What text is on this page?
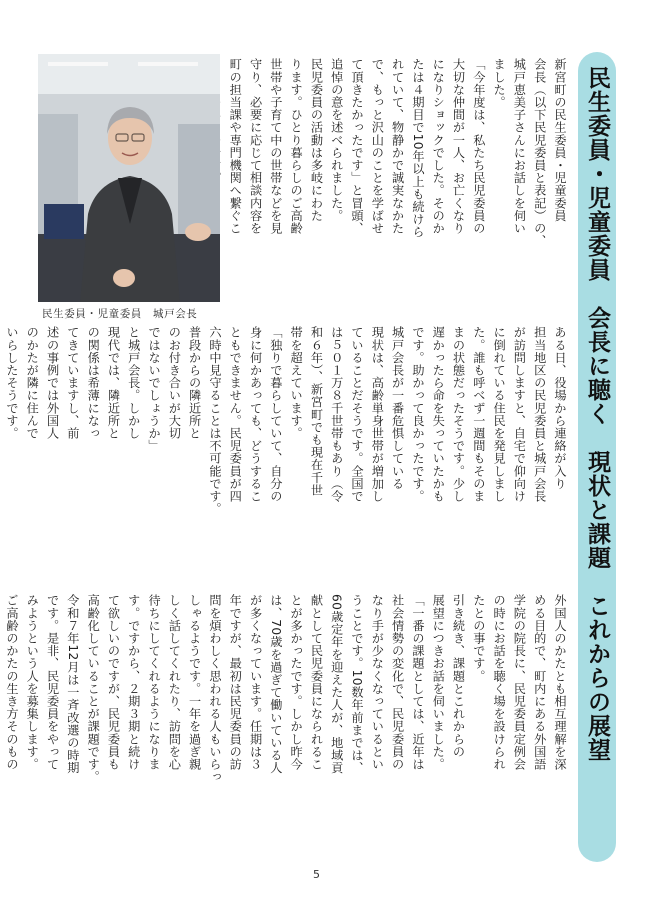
民生委員・児童委員　会長に聴く　現状と課題　これからの展望
新宮町の民生委員・児童委員
会長（以下民児委員と表記）の、
城戸恵美子さんにお話しを伺い
ました。
「今年度は、私たち民児委員の
大切な仲間が一人、お亡くなり
になりショックでした。そのか
たは４期目で10年以上も続けら
れていて、物静かで誠実なかた
で、もっと沢山のことを学ばせ
て頂きたかったです」と冒頭、
追悼の意を述べられました。
民児委員の活動は多岐にわた
ります。ひとり暮らしのご高齢
世帯や子育て中の世帯などを見
守り、必要に応じて相談内容を
町の担当課や専門機関へ繋ぐこ

ある日、役場から連絡が入り
担当地区の民児委員と城戸会長
が訪問しますと、自宅で仰向け
に倒れている住民を発見しまし
た。誰も呼べず一週間もそのま
まの状態だったそうです。少し
遅かったら命を失っていたかも
です。助かって良かったです。
城戸会長が一番危惧している
現状は、高齢単身世帯が増加し
ていることだそうです。全国で
は５０１万８千世帯もあり（令
和６年）、新宮町でも現在千世
帯を超えています。
「独りで暮らしていて、自分の
身に何かあっても、どうするこ
ともできません。民児委員が四
六時中見守ることは不可能です。
普段からの隣近所と
のお付き合いが大切
ではないでしょうか」
と城戸会長。しかし
現代では、隣近所と
の関係は希薄になっ
てきていますし、前
述の事例では外国人
のかたが隣に住んで
いらしたそうです。
外国人のかたとも相互理解を深
める目的で、町内にある外国語
学院の院長に、民児委員定例会
の時にお話を聴く場を設けられ
たとの事です。
引き続き、課題とこれからの
展望につきお話を伺いました。
「一番の課題としては、近年は
社会情勢の変化で、民児委員の
なり手が少なくなっているとい
うことです。10数年前までは、
60歳定年を迎えた人が、地域貢
献として民児委員になられるこ
とが多かったです。しかし昨今
は、70歳を過ぎて働いている人
が多くなっています。任期は３
年ですが、最初は民児委員の訪
問を煩わしく思われる人もいらっ
しゃるようです。一年を過ぎ親
しく話してくれたり、訪問を心
待ちにしてくれるようになりま
す。ですから、２期３期と続け
て欲しいのですが、民児委員も
高齢化していることが課題です。
令和７年12月は一斉改選の時期
です。是非、民児委員をやって
みようという人を募集します。
ご高齢のかたの生き方そのもの

民生委員・児童委員　城戸会長
5
